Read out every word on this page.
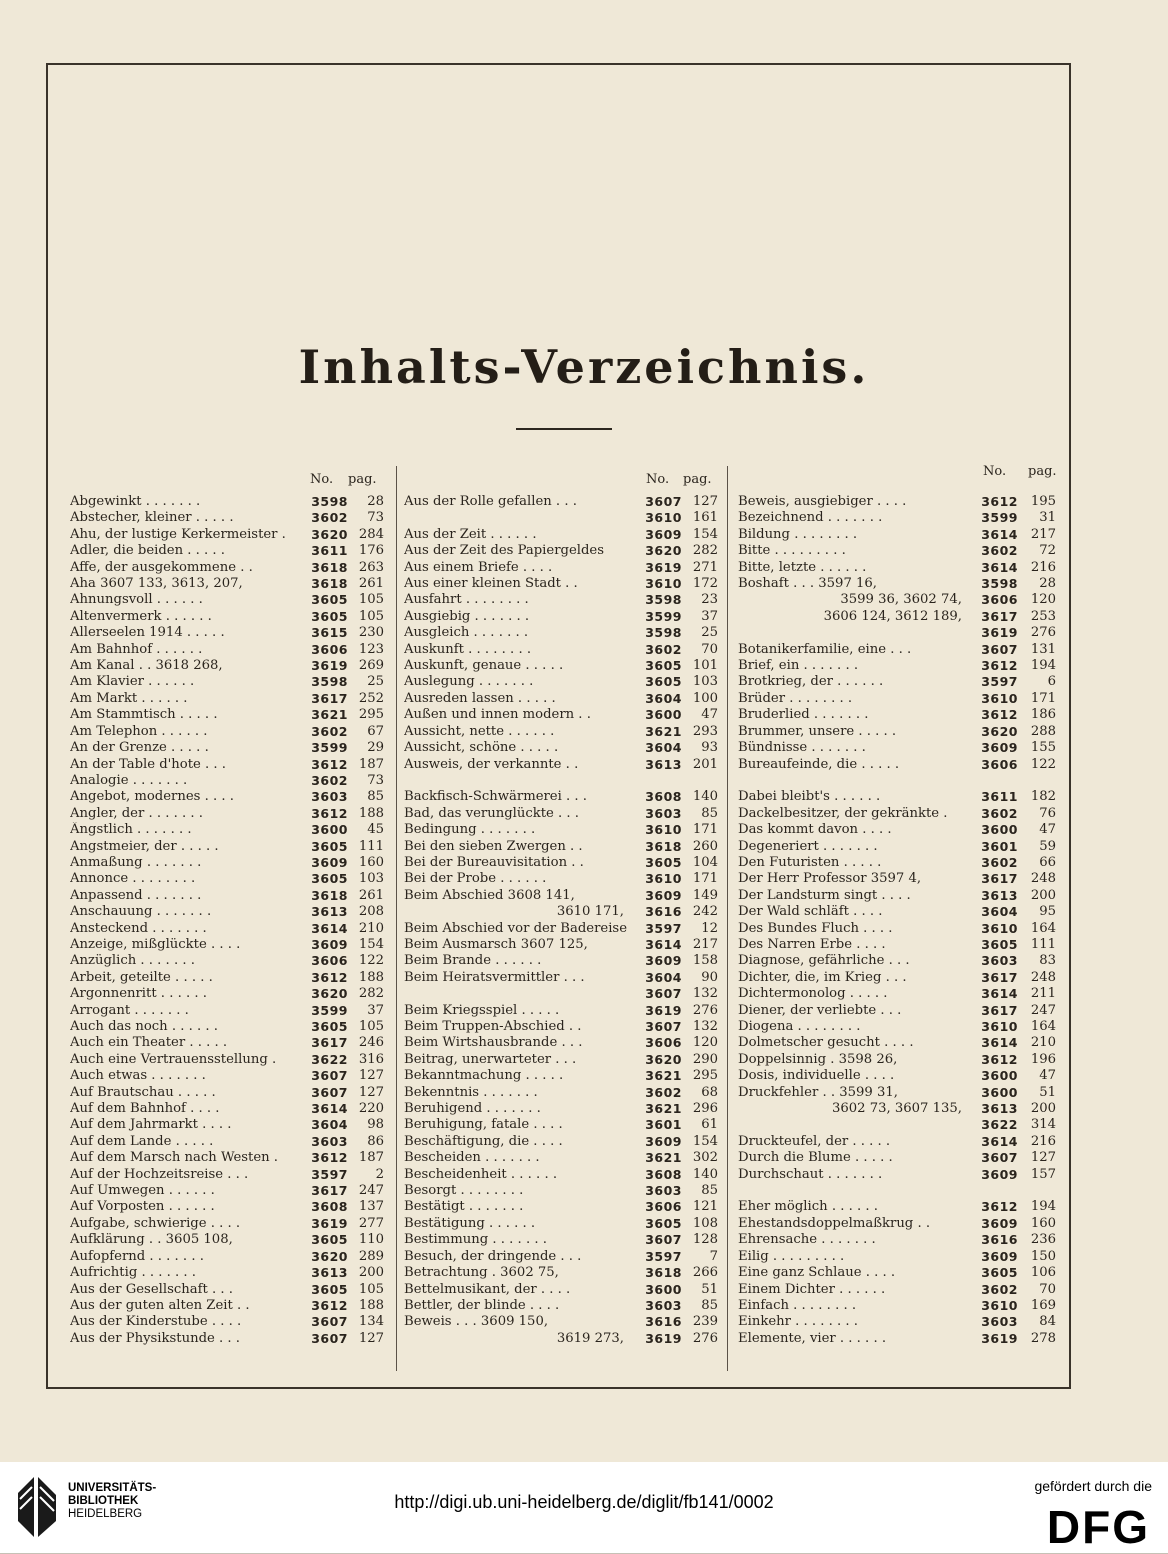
Inhalts-Verzeichnis.
No. pag.
Abgewinkt . . . . . . .	3598	28
Abstecher, kleiner . . . . .	3602	73
Ahu, der lustige Kerkermeister .	3620 284
Adler, die beiden . . . . .	3611 176
Affe, der ausgekommene . .	3618 263
Aha 3607 133, 3613, 207,	3618 261
Ahnungsvoll . . . . . .	3605 105
Altenvermerk . . . . . .	3605 105
Allerseelen 1914 . . . . .	3615 230
Am Bahnhof . . . . . .	3606 123
Am Kanal . . 3618 268,	3619 269
Am Klavier . . . . . .	3598	25
Am Markt . . . . . .	3617 252
Am Stammtisch . . . . .	3621 295
Am Telephon . . . . . .	3602	67
An der Grenze . . . . .	3599	29
An der Table d'hote . . .	3612 187
Analogie . . . . . . .	3602	73
Angebot, modernes . . . .	3603	85
Angler, der . . . . . . .	3612 188
Ängstlich . . . . . . .	3600	45
Angstmeier, der . . . . .	3605 111
Anmaßung . . . . . . .	3609 160
Annonce . . . . . . . .	3605 103
Anpassend . . . . . . .	3618 261
Anschauung . . . . . . .	3613 208
Ansteckend . . . . . . .	3614 210
Anzeige, mißglückte . . . .	3609 154
Anzüglich . . . . . . .	3606 122
Arbeit, geteilte . . . . .	3612 188
Argonnenritt . . . . . .	3620 282
Arrogant . . . . . . .	3599	37
Auch das noch . . . . . .	3605 105
Auch ein Theater . . . . .	3617 246
Auch eine Vertrauensstellung .	3622 316
Auch etwas . . . . . . .	3607 127
Auf Brautschau . . . . .	3607 127
Auf dem Bahnhof . . . .	3614 220
Auf dem Jahrmarkt . . . .	3604	98
Auf dem Lande . . . . .	3603	86
Auf dem Marsch nach Westen .	3612 187
Auf der Hochzeitsreise . . .	3597	2
Auf Umwegen . . . . . .	3617 247
Auf Vorposten . . . . . .	3608 137
Aufgabe, schwierige . . . .	3619 277
Aufklärung . . 3605 108,	3605 110
Aufopfernd . . . . . . .	3620 289
Aufrichtig . . . . . . .	3613 200
Aus der Gesellschaft . . .	3605 105
Aus der guten alten Zeit . .	3612 188
Aus der Kinderstube . . . .	3607 134
Aus der Physikstunde . . .	3607 127
No. pag.
Aus der Rolle gefallen . . .	3607 127
3610 161
Aus der Zeit . . . . . .	3609 154
Aus der Zeit des Papiergeldes	3620 282
Aus einem Briefe . . . .	3619 271
Aus einer kleinen Stadt . .	3610 172
Ausfahrt . . . . . . . .	3598	23
Ausgiebig . . . . . . .	3599	37
Ausgleich . . . . . . .	3598	25
Auskunft . . . . . . . .	3602	70
Auskunft, genaue . . . . .	3605 101
Auslegung . . . . . . .	3605 103
Ausreden lassen . . . . .	3604 100
Außen und innen modern . .	3600	47
Aussicht, nette . . . . . .	3621 293
Aussicht, schöne . . . . .	3604	93
Ausweis, der verkannte . .	3613 201
Backfisch-Schwärmerei . . .	3608 140
Bad, das verunglückte . . .	3603	85
Bedingung . . . . . . .	3610 171
Bei den sieben Zwergen . .	3618 260
Bei der Bureauvisitation . .	3605 104
Bei der Probe . . . . . .	3610 171
Beim Abschied 3608 141,	3609 149
3610 171,	3616 242
Beim Abschied vor der Badereise	3597	12
Beim Ausmarsch 3607 125,	3614 217
Beim Brande . . . . . .	3609 158
Beim Heiratsvermittler . . .	3604	90
3607 132
Beim Kriegsspiel . . . . .	3619 276
Beim Truppen-Abschied . .	3607 132
Beim Wirtshausbrande . . .	3606 120
Beitrag, unerwarteter . . .	3620 290
Bekanntmachung . . . . .	3621 295
Bekenntnis . . . . . . .	3602	68
Beruhigend . . . . . . .	3621 296
Beruhigung, fatale . . . .	3601	61
Beschäftigung, die . . . .	3609 154
Bescheiden . . . . . . .	3621 302
Bescheidenheit . . . . . .	3608 140
Besorgt . . . . . . . .	3603	85
Bestätigt . . . . . . .	3606 121
Bestätigung . . . . . .	3605 108
Bestimmung . . . . . . .	3607 128
Besuch, der dringende . . .	3597	7
Betrachtung . 3602 75,	3618 266
Bettelmusikant, der . . . .	3600	51
Bettler, der blinde . . . .	3603	85
Beweis . . . 3609 150,	3616 239
3619 273,	3619 276
No. pag.
Beweis, ausgiebiger . . . .	3612 195
Bezeichnend . . . . . . .	3599	31
Bildung . . . . . . . .	3614 217
Bitte . . . . . . . . .	3602	72
Bitte, letzte . . . . . .	3614 216
Boshaft . . . 3597 16,	3598	28
3599 36, 3602 74,	3606 120
3606 124, 3612 189,	3617 253
3619 276
Botanikerfamilie, eine . . .	3607 131
Brief, ein . . . . . . .	3612 194
Brotkrieg, der . . . . . .	3597	6
Brüder . . . . . . . .	3610 171
Bruderlied . . . . . . .	3612 186
Brummer, unsere . . . . .	3620 288
Bündnisse . . . . . . .	3609 155
Bureaufeinde, die . . . . .	3606 122
Dabei bleibt's . . . . . .	3611 182
Dackelbesitzer, der gekränkte .	3602	76
Das kommt davon . . . .	3600	47
Degeneriert . . . . . . .	3601	59
Den Futuristen . . . . .	3602	66
Der Herr Professor 3597 4,	3617 248
Der Landsturm singt . . . .	3613 200
Der Wald schläft . . . .	3604	95
Des Bundes Fluch . . . .	3610 164
Des Narren Erbe . . . .	3605 111
Diagnose, gefährliche . . .	3603	83
Dichter, die, im Krieg . . .	3617 248
Dichtermonolog . . . . .	3614 211
Diener, der verliebte . . .	3617 247
Diogena . . . . . . . .	3610 164
Dolmetscher gesucht . . . .	3614 210
Doppelsinnig . 3598 26,	3612 196
Dosis, individuelle . . . .	3600	47
Druckfehler . . 3599 31,	3600	51
3602 73, 3607 135,	3613 200
3622 314
Druckteufel, der . . . . .	3614 216
Durch die Blume . . . . .	3607 127
Durchschaut . . . . . . .	3609 157
Eher möglich . . . . . .	3612 194
Ehestandsdoppelmaßkrug . .	3609 160
Ehrensache . . . . . . .	3616 236
Eilig . . . . . . . . .	3609 150
Eine ganz Schlaue . . . .	3605 106
Einem Dichter . . . . . .	3602	70
Einfach . . . . . . . .	3610 169
Einkehr . . . . . . . .	3603	84
Elemente, vier . . . . . .	3619 278
UNIVERSITÄTS-
BIBLIOTHEK
HEIDELBERG
http://digi.ub.uni-heidelberg.de/diglit/fb141/0002
gefördert durch die
DFG
